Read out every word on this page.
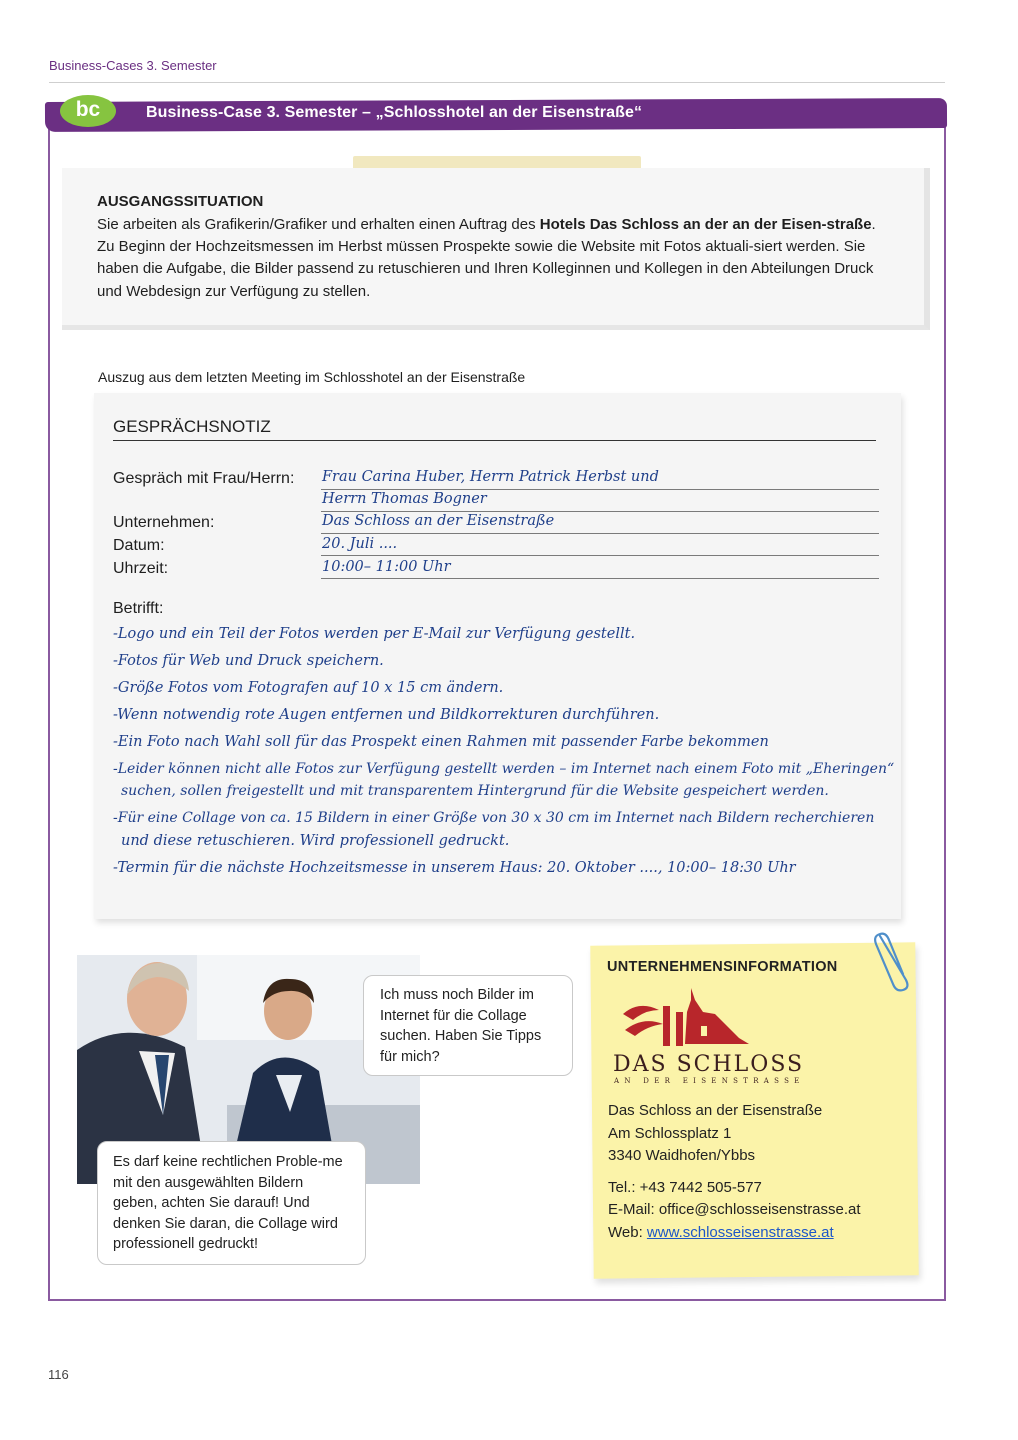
Business-Cases 3. Semester
bc	Business-Case 3. Semester – „Schlosshotel an der Eisenstraße“
AUSGANGSSITUATION
Sie arbeiten als Grafikerin/Grafiker und erhalten einen Auftrag des Hotels Das Schloss an der an der Eisen-straße. Zu Beginn der Hochzeitsmessen im Herbst müssen Prospekte sowie die Website mit Fotos aktuali-siert werden. Sie haben die Aufgabe, die Bilder passend zu retuschieren und Ihren Kolleginnen und Kollegen in den Abteilungen Druck und Webdesign zur Verfügung zu stellen.
Auszug aus dem letzten Meeting im Schlosshotel an der Eisenstraße
GESPRÄCHSNOTIZ
Gespräch mit Frau/Herrn: Frau Carina Huber, Herrn Patrick Herbst und
Herrn Thomas Bogner
Unternehmen:	Das Schloss an der Eisenstraße
Datum:	20. Juli ....
Uhrzeit:	10:00– 11:00 Uhr
Betrifft:
-Logo und ein Teil der Fotos werden per E-Mail zur Verfügung gestellt.
-Fotos für Web und Druck speichern.
-Größe Fotos vom Fotografen auf 10 x 15 cm ändern.
-Wenn notwendig rote Augen entfernen und Bildkorrekturen durchführen.
-Ein Foto nach Wahl soll für das Prospekt einen Rahmen mit passender Farbe bekommen
-Leider können nicht alle Fotos zur Verfügung gestellt werden – im Internet nach einem Foto mit „Eheringen“
suchen, sollen freigestellt und mit transparentem Hintergrund für die Website gespeichert werden.
-Für eine Collage von ca. 15 Bildern in einer Größe von 30 x 30 cm im Internet nach Bildern recherchieren
und diese retuschieren. Wird professionell gedruckt.
-Termin für die nächste Hochzeitsmesse in unserem Haus: 20. Oktober ...., 10:00– 18:30 Uhr
Ich muss noch Bilder im Internet für die Collage suchen. Haben Sie Tipps für mich?
Es darf keine rechtlichen Proble-me mit den ausgewählten Bildern geben, achten Sie darauf! Und denken Sie daran, die Collage wird professionell gedruckt!
UNTERNEHMENSINFORMATION
DAS SCHLOSS
AN DER EISENSTRASSE
Das Schloss an der Eisenstraße
Am Schlossplatz 1
3340 Waidhofen/Ybbs
Tel.: +43 7442 505-577
E-Mail: office@schlosseisenstrasse.at
Web: www.schlosseisenstrasse.at
116
